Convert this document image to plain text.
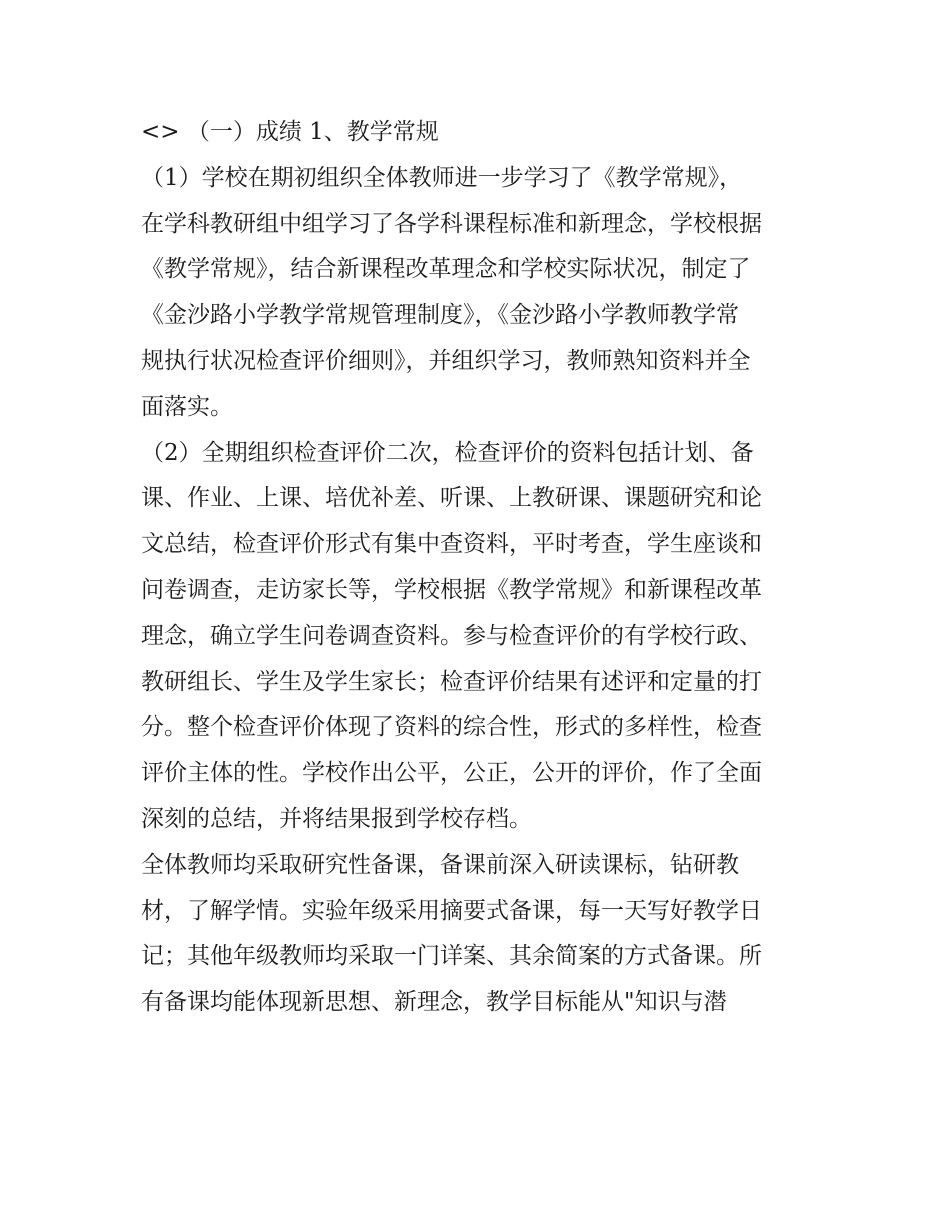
<> （一）成绩 1、教学常规
（1）学校在期初组织全体教师进一步学习了《教学常规》，
在学科教研组中组学习了各学科课程标准和新理念，学校根据
《教学常规》，结合新课程改革理念和学校实际状况，制定了
《金沙路小学教学常规管理制度》，《金沙路小学教师教学常
规执行状况检查评价细则》，并组织学习，教师熟知资料并全
面落实。
（2）全期组织检查评价二次，检查评价的资料包括计划、备
课、作业、上课、培优补差、听课、上教研课、课题研究和论
文总结，检查评价形式有集中查资料，平时考查，学生座谈和
问卷调查，走访家长等，学校根据《教学常规》和新课程改革
理念，确立学生问卷调查资料。参与检查评价的有学校行政、
教研组长、学生及学生家长；检查评价结果有述评和定量的打
分。整个检查评价体现了资料的综合性，形式的多样性，检查
评价主体的性。学校作出公平，公正，公开的评价，作了全面
深刻的总结，并将结果报到学校存档。
全体教师均采取研究性备课，备课前深入研读课标，钻研教
材，了解学情。实验年级采用摘要式备课，每一天写好教学日
记；其他年级教师均采取一门详案、其余简案的方式备课。所
有备课均能体现新思想、新理念，教学目标能从"知识与潜
